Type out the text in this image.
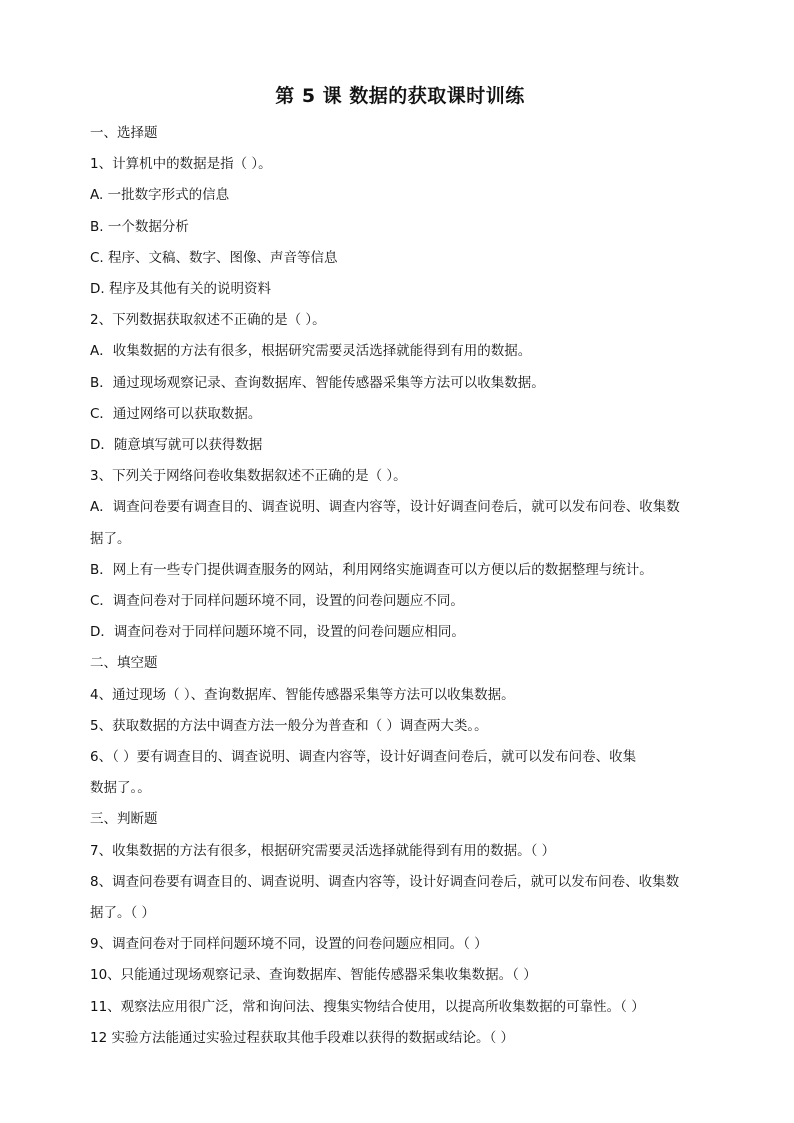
第 5 课 数据的获取课时训练
一、选择题
1、计算机中的数据是指（ ）。
A. 一批数字形式的信息
B. 一个数据分析
C. 程序、文稿、数字、图像、声音等信息
D. 程序及其他有关的说明资料
2、下列数据获取叙述不正确的是（ ）。
A．收集数据的方法有很多，根据研究需要灵活选择就能得到有用的数据。
B．通过现场观察记录、查询数据库、智能传感器采集等方法可以收集数据。
C．通过网络可以获取数据。
D．随意填写就可以获得数据
3、下列关于网络问卷收集数据叙述不正确的是（ ）。
A．调查问卷要有调查目的、调查说明、调查内容等，设计好调查问卷后，就可以发布问卷、收集数
据了。
B．网上有一些专门提供调查服务的网站，利用网络实施调查可以方便以后的数据整理与统计。
C．调查问卷对于同样问题环境不同，设置的问卷问题应不同。
D．调查问卷对于同样问题环境不同，设置的问卷问题应相同。
二、填空题
4、通过现场（ ）、查询数据库、智能传感器采集等方法可以收集数据。
5、获取数据的方法中调查方法一般分为普查和（ ）调查两大类。。
6、（ ）要有调查目的、调查说明、调查内容等，设计好调查问卷后，就可以发布问卷、收集
数据了。。
三、判断题
7、收集数据的方法有很多，根据研究需要灵活选择就能得到有用的数据。（ ）
8、调查问卷要有调查目的、调查说明、调查内容等，设计好调查问卷后，就可以发布问卷、收集数
据了。（ ）
9、调查问卷对于同样问题环境不同，设置的问卷问题应相同。（ ）
10、只能通过现场观察记录、查询数据库、智能传感器采集收集数据。（ ）
11、观察法应用很广泛，常和询问法、搜集实物结合使用，以提高所收集数据的可靠性。（ ）
12 实验方法能通过实验过程获取其他手段难以获得的数据或结论。（ ）
